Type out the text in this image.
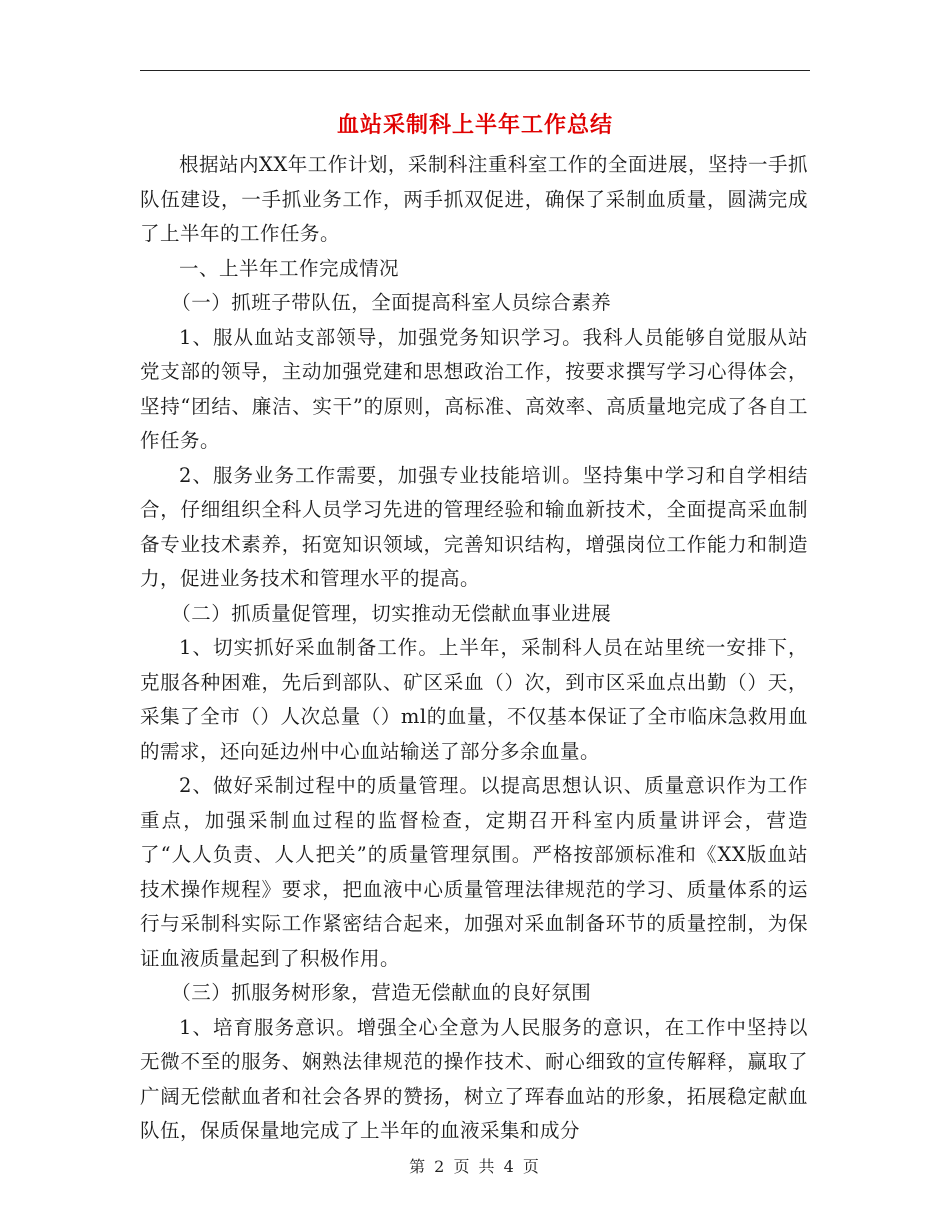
血站采制科上半年工作总结

根据站内XX年工作计划，采制科注重科室工作的全面进展，坚持一手抓队伍建设，一手抓业务工作，两手抓双促进，确保了采制血质量，圆满完成了上半年的工作任务。

一、上半年工作完成情况

（一）抓班子带队伍，全面提高科室人员综合素养

1、服从血站支部领导，加强党务知识学习。我科人员能够自觉服从站党支部的领导，主动加强党建和思想政治工作，按要求撰写学习心得体会，坚持“团结、廉洁、实干”的原则，高标准、高效率、高质量地完成了各自工作任务。

2、服务业务工作需要，加强专业技能培训。坚持集中学习和自学相结合，仔细组织全科人员学习先进的管理经验和输血新技术，全面提高采血制备专业技术素养，拓宽知识领域，完善知识结构，增强岗位工作能力和制造力，促进业务技术和管理水平的提高。

（二）抓质量促管理，切实推动无偿献血事业进展

1、切实抓好采血制备工作。上半年，采制科人员在站里统一安排下，克服各种困难，先后到部队、矿区采血（）次，到市区采血点出勤（）天，采集了全市（）人次总量（）ml的血量，不仅基本保证了全市临床急救用血的需求，还向延边州中心血站输送了部分多余血量。

2、做好采制过程中的质量管理。以提高思想认识、质量意识作为工作重点，加强采制血过程的监督检查，定期召开科室内质量讲评会，营造了“人人负责、人人把关”的质量管理氛围。严格按部颁标准和《XX版血站技术操作规程》要求，把血液中心质量管理法律规范的学习、质量体系的运行与采制科实际工作紧密结合起来，加强对采血制备环节的质量控制，为保证血液质量起到了积极作用。

（三）抓服务树形象，营造无偿献血的良好氛围

1、培育服务意识。增强全心全意为人民服务的意识，在工作中坚持以无微不至的服务、娴熟法律规范的操作技术、耐心细致的宣传解释，赢取了广阔无偿献血者和社会各界的赞扬，树立了珲春血站的形象，拓展稳定献血队伍，保质保量地完成了上半年的血液采集和成分

第 2 页 共 4 页
